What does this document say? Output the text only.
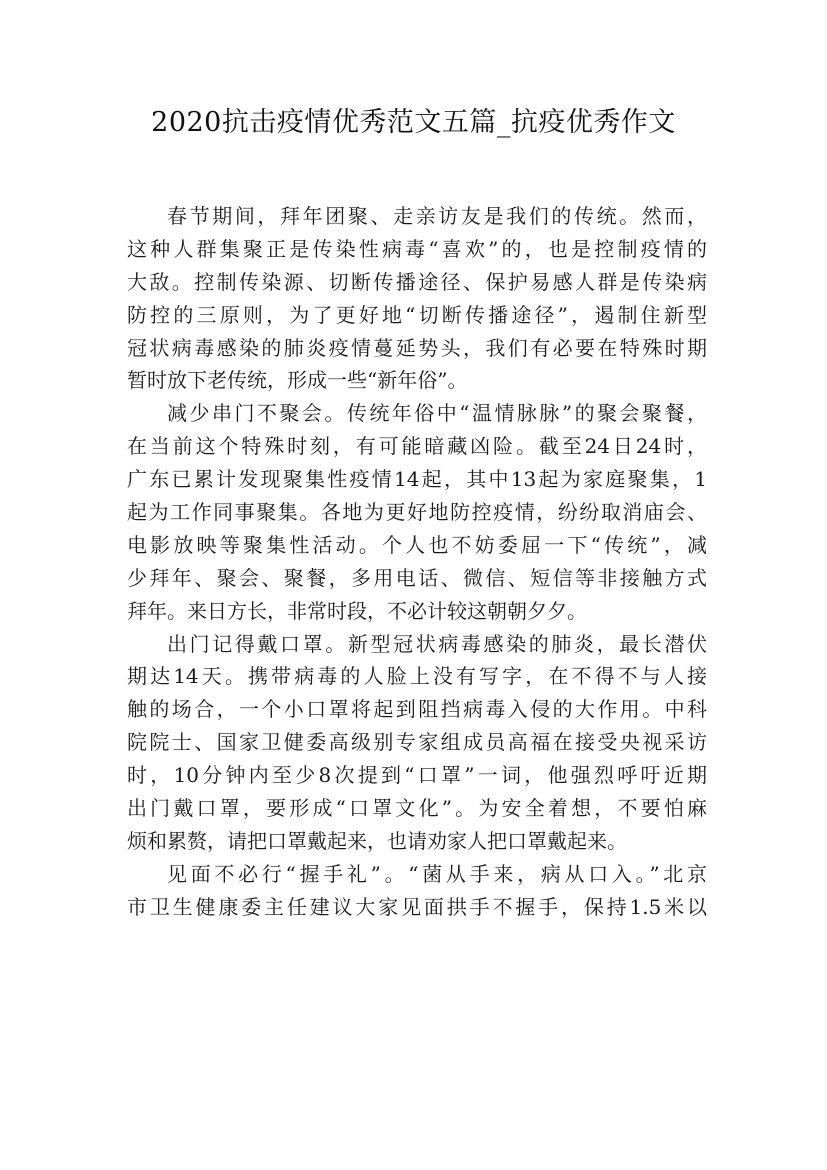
2020抗击疫情优秀范文五篇_抗疫优秀作文
春节期间，拜年团聚、走亲访友是我们的传统。然而，
这种人群集聚正是传染性病毒“喜欢”的，也是控制疫情的
大敌。控制传染源、切断传播途径、保护易感人群是传染病
防控的三原则，为了更好地“切断传播途径”，遏制住新型
冠状病毒感染的肺炎疫情蔓延势头，我们有必要在特殊时期
暂时放下老传统，形成一些“新年俗”。
减少串门不聚会。传统年俗中“温情脉脉”的聚会聚餐，
在当前这个特殊时刻，有可能暗藏凶险。截至24日24时，
广东已累计发现聚集性疫情14起，其中13起为家庭聚集，1
起为工作同事聚集。各地为更好地防控疫情，纷纷取消庙会、
电影放映等聚集性活动。个人也不妨委屈一下“传统”，减
少拜年、聚会、聚餐，多用电话、微信、短信等非接触方式
拜年。来日方长，非常时段，不必计较这朝朝夕夕。
出门记得戴口罩。新型冠状病毒感染的肺炎，最长潜伏
期达14天。携带病毒的人脸上没有写字，在不得不与人接
触的场合，一个小口罩将起到阻挡病毒入侵的大作用。中科
院院士、国家卫健委高级别专家组成员高福在接受央视采访
时，10分钟内至少8次提到“口罩”一词，他强烈呼吁近期
出门戴口罩，要形成“口罩文化”。为安全着想，不要怕麻
烦和累赘，请把口罩戴起来，也请劝家人把口罩戴起来。
见面不必行“握手礼”。“菌从手来，病从口入。”北京
市卫生健康委主任建议大家见面拱手不握手，保持1.5米以
